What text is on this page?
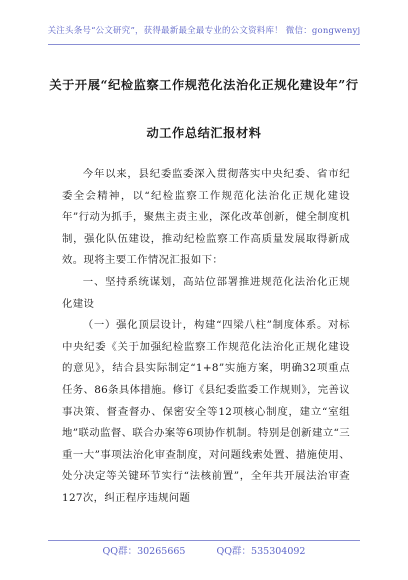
关注头条号“公文研究”，获得最新最全最专业的公文资料库！ 微信：gongwenyj
关于开展“纪检监察工作规范化法治化正规化建设年”行
动工作总结汇报材料

今年以来，县纪委监委深入贯彻落实中央纪委、省市纪委全会精神，以“纪检监察工作规范化法治化正规化建设年”行动为抓手，聚焦主责主业，深化改革创新，健全制度机制，强化队伍建设，推动纪检监察工作高质量发展取得新成效。现将主要工作情况汇报如下：

一、坚持系统谋划，高站位部署推进规范化法治化正规化建设

（一）强化顶层设计，构建“四梁八柱”制度体系。对标中央纪委《关于加强纪检监察工作规范化法治化正规化建设的意见》，结合县实际制定“1+8”实施方案，明确32项重点任务、86条具体措施。修订《县纪委监委工作规则》，完善议事决策、督查督办、保密安全等12项核心制度，建立“室组地”联动监督、联合办案等6项协作机制。特别是创新建立“三重一大”事项法治化审查制度，对问题线索处置、措施使用、处分决定等关键环节实行“法核前置”，全年共开展法治审查127次，纠正程序违规问题

QQ群：30265665	QQ群：535304092
